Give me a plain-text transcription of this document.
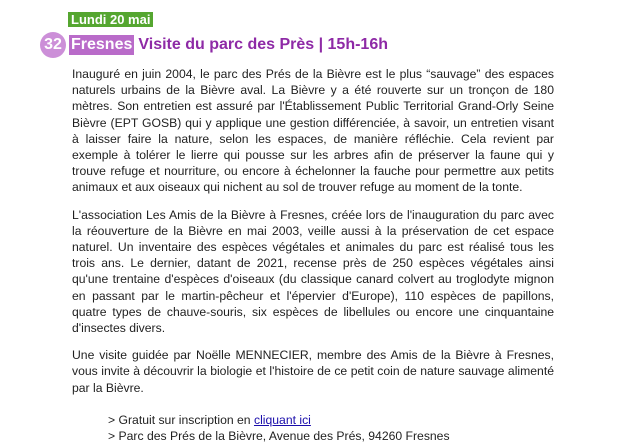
Lundi 20 mai
32 Fresnes Visite du parc des Près | 15h-16h

Inauguré en juin 2004, le parc des Prés de la Bièvre est le plus “sauvage” des espaces naturels urbains de la Bièvre aval. La Bièvre y a été rouverte sur un tronçon de 180 mètres. Son entretien est assuré par l'Établissement Public Territorial Grand-Orly Seine Bièvre (EPT GOSB) qui y applique une gestion différenciée, à savoir, un entretien visant à laisser faire la nature, selon les espaces, de manière réfléchie. Cela revient par exemple à tolérer le lierre qui pousse sur les arbres afin de préserver la faune qui y trouve refuge et nourriture, ou encore à échelonner la fauche pour permettre aux petits animaux et aux oiseaux qui nichent au sol de trouver refuge au moment de la tonte.

L'association Les Amis de la Bièvre à Fresnes, créée lors de l'inauguration du parc avec la réouverture de la Bièvre en mai 2003, veille aussi à la préservation de cet espace naturel. Un inventaire des espèces végétales et animales du parc est réalisé tous les trois ans. Le dernier, datant de 2021, recense près de 250 espèces végétales ainsi qu'une trentaine d'espèces d'oiseaux (du classique canard colvert au troglodyte mignon en passant par le martin-pêcheur et l'épervier d'Europe), 110 espèces de papillons, quatre types de chauve-souris, six espèces de libellules ou encore une cinquantaine d'insectes divers.

Une visite guidée par Noëlle MENNECIER, membre des Amis de la Bièvre à Fresnes, vous invite à découvrir la biologie et l'histoire de ce petit coin de nature sauvage alimenté par la Bièvre.

> Gratuit sur inscription en cliquant ici
> Parc des Prés de la Bièvre, Avenue des Prés, 94260 Fresnes
